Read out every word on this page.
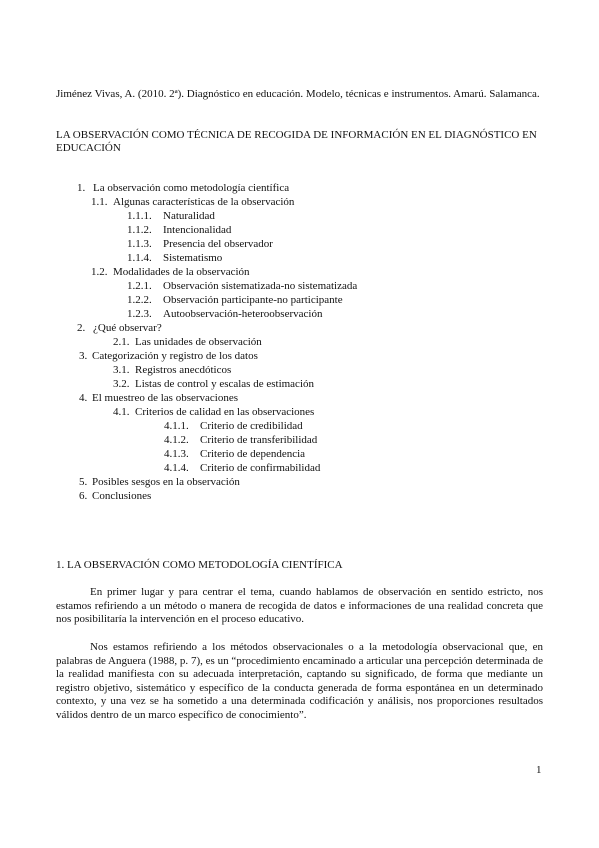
Jiménez Vivas, A. (2010. 2ª). Diagnóstico en educación. Modelo, técnicas e instrumentos. Amarú. Salamanca.
LA OBSERVACIÓN COMO TÉCNICA DE RECOGIDA DE INFORMACIÓN EN EL DIAGNÓSTICO EN EDUCACIÓN
1. La observación como metodología científica
1.1. Algunas características de la observación
1.1.1. Naturalidad
1.1.2. Intencionalidad
1.1.3. Presencia del observador
1.1.4. Sistematismo
1.2. Modalidades de la observación
1.2.1. Observación sistematizada-no sistematizada
1.2.2. Observación participante-no participante
1.2.3. Autoobservación-heteroobservación
2. ¿Qué observar?
2.1. Las unidades de observación
3. Categorización y registro de los datos
3.1. Registros anecdóticos
3.2. Listas de control y escalas de estimación
4. El muestreo de las observaciones
4.1. Criterios de calidad en las observaciones
4.1.1. Criterio de credibilidad
4.1.2. Criterio de transferibilidad
4.1.3. Criterio de dependencia
4.1.4. Criterio de confirmabilidad
5. Posibles sesgos en la observación
6. Conclusiones
1. LA OBSERVACIÓN COMO METODOLOGÍA CIENTÍFICA

En primer lugar y para centrar el tema, cuando hablamos de observación en sentido estricto, nos estamos refiriendo a un método o manera de recogida de datos e informaciones de una realidad concreta que nos posibilitaría la intervención en el proceso educativo.

Nos estamos refiriendo a los métodos observacionales o a la metodología observacional que, en palabras de Anguera (1988, p. 7), es un “procedimiento encaminado a articular una percepción determinada de la realidad manifiesta con su adecuada interpretación, captando su significado, de forma que mediante un registro objetivo, sistemático y específico de la conducta generada de forma espontánea en un determinado contexto, y una vez se ha sometido a una determinada codificación y análisis, nos proporciones resultados válidos dentro de un marco específico de conocimiento”.

1
